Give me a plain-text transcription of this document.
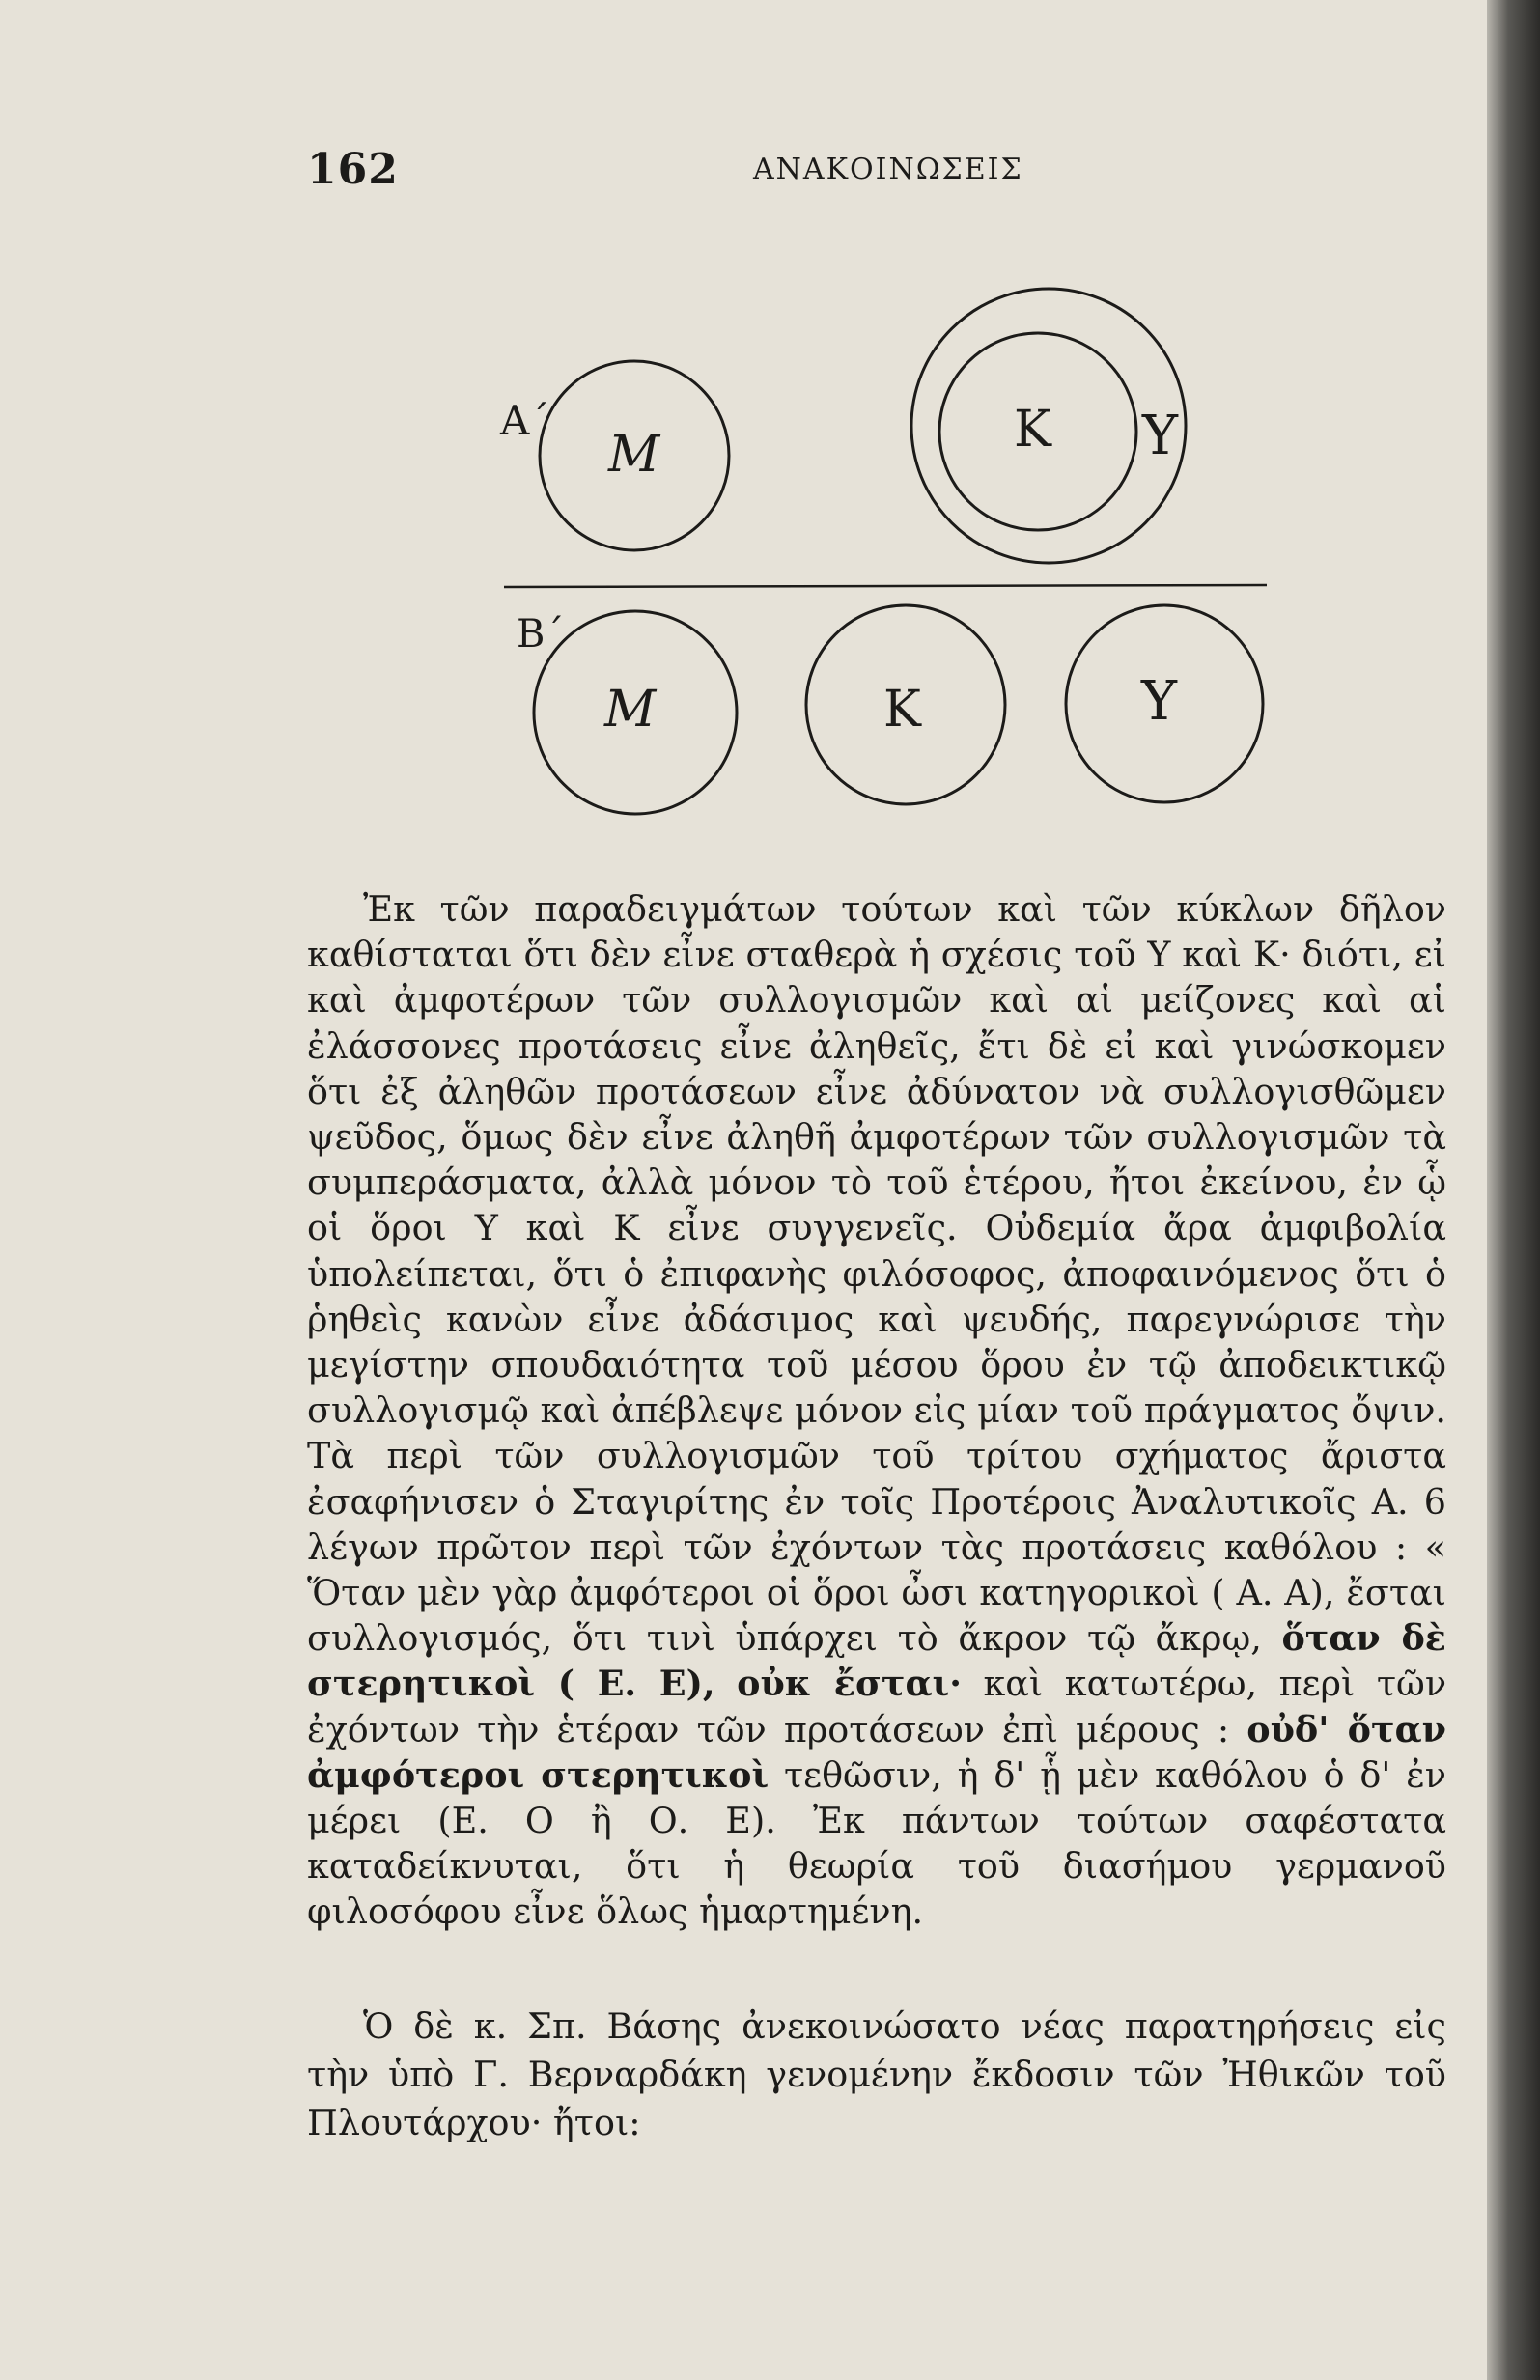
162	ΑΝΑΚΟΙΝΩΣΕΙΣ
Α΄
Μ	Κ Υ
Β΄
Μ	Κ	Υ

Ἐκ τῶν παραδειγμάτων τούτων καὶ τῶν κύκλων δῆλον καθίσταται ὅτι δὲν εἶνε σταθερὰ ἡ σχέσις τοῦ Υ καὶ Κ· διότι, εἰ καὶ ἀμφοτέρων τῶν συλλογισμῶν καὶ αἱ μείζονες καὶ αἱ ἐλάσσονες προτάσεις εἶνε ἀληθεῖς, ἔτι δὲ εἰ καὶ γινώσκομεν ὅτι ἐξ ἀληθῶν προτάσεων εἶνε ἀδύνατον νὰ συλλογισθῶμεν ψεῦδος, ὅμως δὲν εἶνε ἀληθῆ ἀμφοτέρων τῶν συλλογισμῶν τὰ συμπεράσματα, ἀλλὰ μόνον τὸ τοῦ ἑτέρου, ἤτοι ἐκείνου, ἐν ᾧ οἱ ὅροι Υ καὶ Κ εἶνε συγγενεῖς. Οὐδεμία ἄρα ἀμφιβολία ὑπολείπεται, ὅτι ὁ ἐπιφανὴς φιλόσοφος, ἀποφαινόμενος ὅτι ὁ ῥηθεὶς κανὼν εἶνε ἀδάσιμος καὶ ψευδής, παρεγνώρισε τὴν μεγίστην σπουδαιότητα τοῦ μέσου ὅρου ἐν τῷ ἀποδεικτικῷ συλλογισμῷ καὶ ἀπέβλεψε μόνον εἰς μίαν τοῦ πράγματος ὄψιν. Τὰ περὶ τῶν συλλογισμῶν τοῦ τρίτου σχήματος ἄριστα ἐσαφήνισεν ὁ Σταγιρίτης ἐν τοῖς Προτέροις Ἀναλυτικοῖς Α. 6 λέγων πρῶτον περὶ τῶν ἐχόντων τὰς προτάσεις καθόλου : « Ὅταν μὲν γὰρ ἀμφότεροι οἱ ὅροι ὦσι κατηγορικοὶ ( Α. Α), ἔσται συλλογισμός, ὅτι τινὶ ὑπάρχει τὸ ἄκρον τῷ ἄκρῳ, ὅταν δὲ στερητικοὶ ( Ε. Ε), οὐκ ἔσται· καὶ κατωτέρω, περὶ τῶν ἐχόντων τὴν ἑτέραν τῶν προτάσεων ἐπὶ μέρους : οὐδ' ὅταν ἀμφότεροι στερητικοὶ τεθῶσιν, ἡ δ' ᾗ μὲν καθόλου ὁ δ' ἐν μέρει (Ε. Ο ἢ Ο. Ε). Ἐκ πάντων τούτων σαφέστατα καταδείκνυται, ὅτι ἡ θεωρία τοῦ διασήμου γερμανοῦ φιλοσόφου εἶνε ὅλως ἡμαρτημένη.

Ὁ δὲ κ. Σπ. Βάσης ἀνεκοινώσατο νέας παρατηρήσεις εἰς τὴν ὑπὸ Γ. Βερναρδάκη γενομένην ἔκδοσιν τῶν Ἠθικῶν τοῦ Πλουτάρχου· ἤτοι:
